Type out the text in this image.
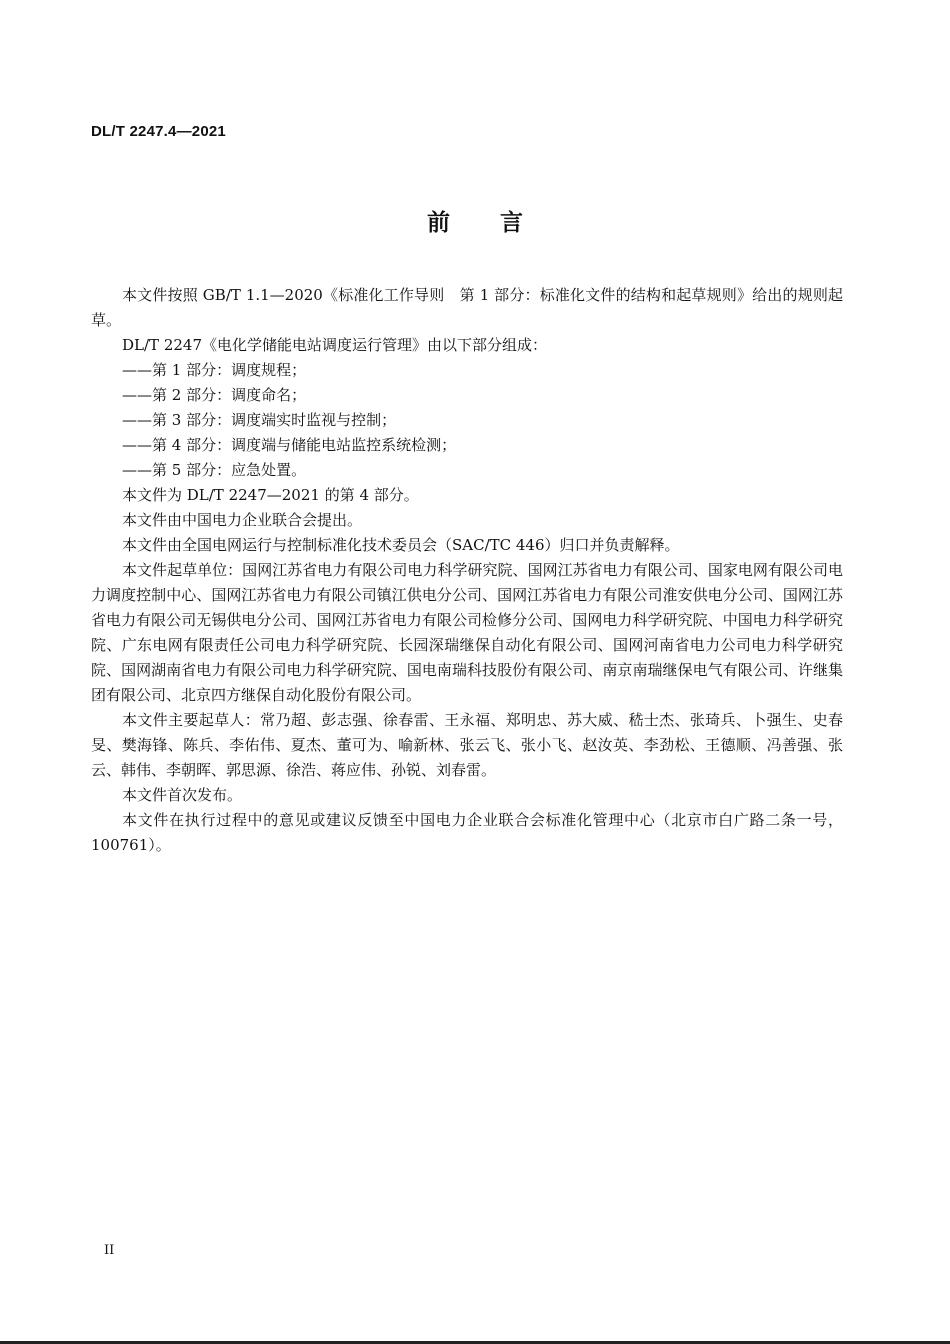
DL/T 2247.4—2021
前言

本文件按照 GB/T 1.1—2020《标准化工作导则　第 1 部分：标准化文件的结构和起草规则》给出的规则起草。

DL/T 2247《电化学储能电站调度运行管理》由以下部分组成：

——第 1 部分：调度规程；

——第 2 部分：调度命名；

——第 3 部分：调度端实时监视与控制；

——第 4 部分：调度端与储能电站监控系统检测；

——第 5 部分：应急处置。

本文件为 DL/T 2247—2021 的第 4 部分。

本文件由中国电力企业联合会提出。

本文件由全国电网运行与控制标准化技术委员会（SAC/TC 446）归口并负责解释。

本文件起草单位：国网江苏省电力有限公司电力科学研究院、国网江苏省电力有限公司、国家电网有限公司电力调度控制中心、国网江苏省电力有限公司镇江供电分公司、国网江苏省电力有限公司淮安供电分公司、国网江苏省电力有限公司无锡供电分公司、国网江苏省电力有限公司检修分公司、国网电力科学研究院、中国电力科学研究院、广东电网有限责任公司电力科学研究院、长园深瑞继保自动化有限公司、国网河南省电力公司电力科学研究院、国网湖南省电力有限公司电力科学研究院、国电南瑞科技股份有限公司、南京南瑞继保电气有限公司、许继集团有限公司、北京四方继保自动化股份有限公司。

本文件主要起草人：常乃超、彭志强、徐春雷、王永福、郑明忠、苏大威、嵇士杰、张琦兵、卜强生、史春旻、樊海锋、陈兵、李佑伟、夏杰、董可为、喻新林、张云飞、张小飞、赵汝英、李劲松、王德顺、冯善强、张云、韩伟、李朝晖、郭思源、徐浩、蒋应伟、孙锐、刘春雷。

本文件首次发布。

本文件在执行过程中的意见或建议反馈至中国电力企业联合会标准化管理中心（北京市白广路二条一号，100761）。

II
